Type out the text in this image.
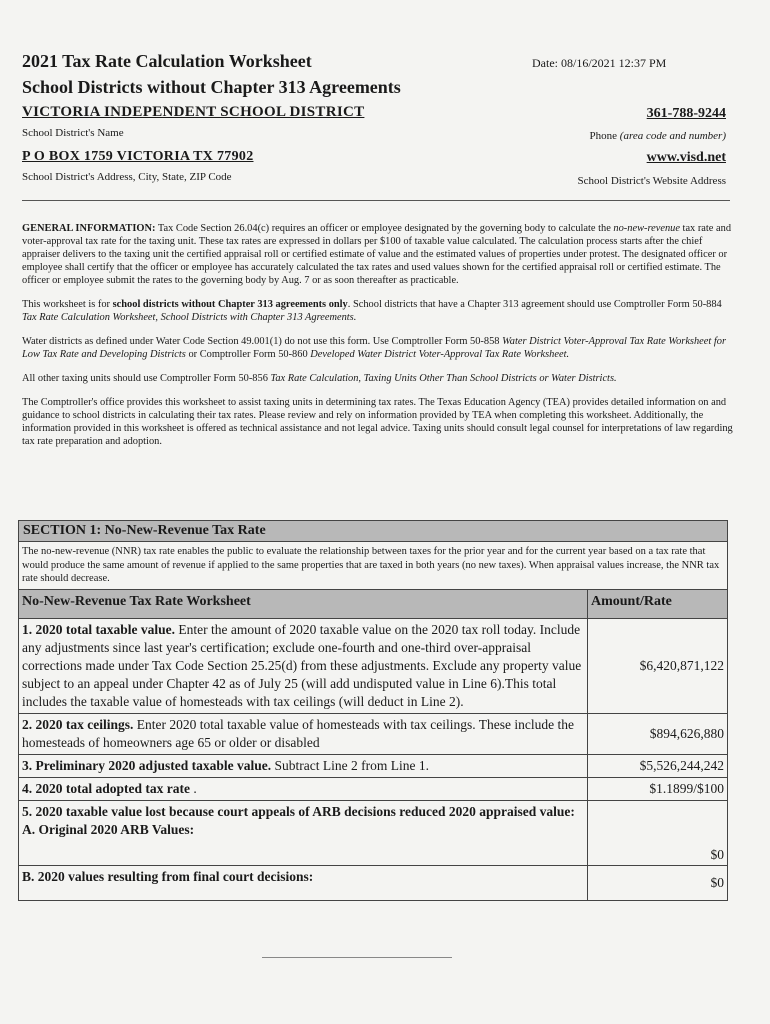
2021 Tax Rate Calculation Worksheet
School Districts without Chapter 313 Agreements
VICTORIA INDEPENDENT SCHOOL DISTRICT
School District's Name
P O BOX 1759 VICTORIA TX 77902
School District's Address, City, State, ZIP Code
Date: 08/16/2021 12:37 PM
361-788-9244
Phone (area code and number)
www.visd.net
School District's Website Address

GENERAL INFORMATION: Tax Code Section 26.04(c) requires an officer or employee designated by the governing body to calculate the no-new-revenue tax rate and voter-approval tax rate for the taxing unit. These tax rates are expressed in dollars per $100 of taxable value calculated. The calculation process starts after the chief appraiser delivers to the taxing unit the certified appraisal roll or certified estimate of value and the estimated values of properties under protest. The designated officer or employee shall certify that the officer or employee has accurately calculated the tax rates and used values shown for the certified appraisal roll or certified estimate. The officer or employee submit the rates to the governing body by Aug. 7 or as soon thereafter as practicable.

This worksheet is for school districts without Chapter 313 agreements only. School districts that have a Chapter 313 agreement should use Comptroller Form 50-884 Tax Rate Calculation Worksheet, School Districts with Chapter 313 Agreements.

Water districts as defined under Water Code Section 49.001(1) do not use this form. Use Comptroller Form 50-858 Water District Voter-Approval Tax Rate Worksheet for Low Tax Rate and Developing Districts or Comptroller Form 50-860 Developed Water District Voter-Approval Tax Rate Worksheet.

All other taxing units should use Comptroller Form 50-856 Tax Rate Calculation, Taxing Units Other Than School Districts or Water Districts.

The Comptroller's office provides this worksheet to assist taxing units in determining tax rates. The Texas Education Agency (TEA) provides detailed information on and guidance to school districts in calculating their tax rates. Please review and rely on information provided by TEA when completing this worksheet. Additionally, the information provided in this worksheet is offered as technical assistance and not legal advice. Taxing units should consult legal counsel for interpretations of law regarding tax rate preparation and adoption.

SECTION 1: No-New-Revenue Tax Rate	
The no-new-revenue (NNR) tax rate enables the public to evaluate the relationship between taxes for the prior year and for the current year based on a tax rate that would produce the same amount of revenue if applied to the same properties that are taxed in both years (no new taxes). When appraisal values increase, the NNR tax rate should decrease.	
No-New-Revenue Tax Rate Worksheet	Amount/Rate
1. 2020 total taxable value. Enter the amount of 2020 taxable value on the 2020 tax roll today. Include any adjustments since last year's certification; exclude one-fourth and one-third over-appraisal corrections made under Tax Code Section 25.25(d) from these adjustments. Exclude any property value subject to an appeal under Chapter 42 as of July 25 (will add undisputed value in Line 6).This total includes the taxable value of homesteads with tax ceilings (will deduct in Line 2).	$6,420,871,122
2. 2020 tax ceilings. Enter 2020 total taxable value of homesteads with tax ceilings. These include the homesteads of homeowners age 65 or older or disabled	$894,626,880
3. Preliminary 2020 adjusted taxable value. Subtract Line 2 from Line 1.	$5,526,244,242
4. 2020 total adopted tax rate .	$1.1899/$100

5. 2020 taxable value lost because court appeals of ARB decisions reduced 2020 appraised value:
A. Original 2020 ARB Values:	$0
B. 2020 values resulting from final court decisions:	$0
